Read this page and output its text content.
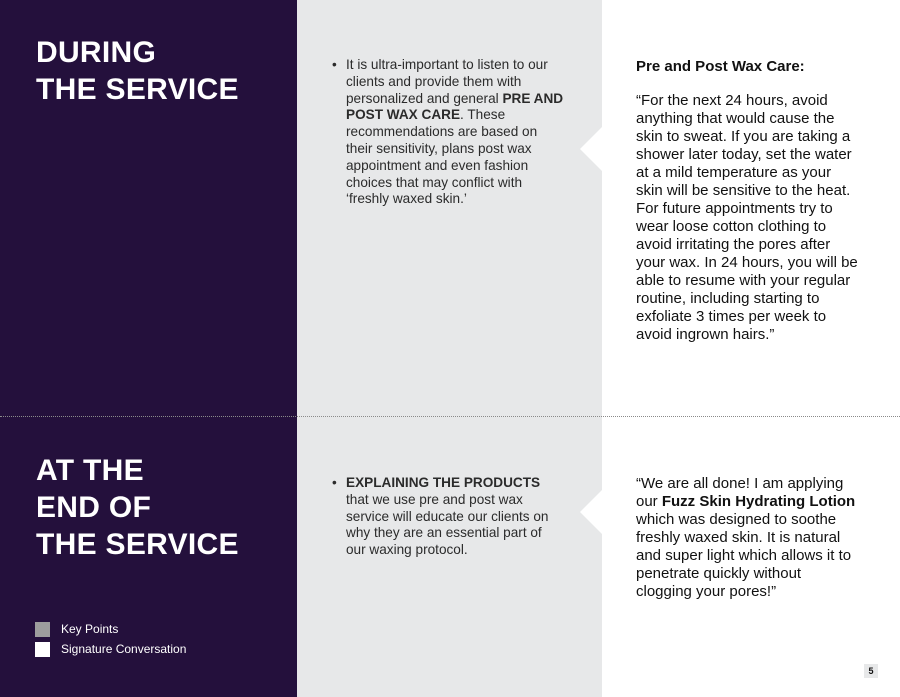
DURING
THE SERVICE
• It is ultra-important to listen to our clients and provide them with personalized and general PRE AND POST WAX CARE. These recommendations are based on their sensitivity, plans post wax appointment and even fashion choices that may conflict with ‘freshly waxed skin.’
Pre and Post Wax Care:
“For the next 24 hours, avoid anything that would cause the skin to sweat. If you are taking a shower later today, set the water at a mild temperature as your skin will be sensitive to the heat. For future appointments try to wear loose cotton clothing to avoid irritating the pores after your wax. In 24 hours, you will be able to resume with your regular routine, including starting to exfoliate 3 times per week to avoid ingrown hairs.”
AT THE
END OF
THE SERVICE
• EXPLAINING THE PRODUCTS that we use pre and post wax service will educate our clients on why they are an essential part of our waxing protocol.
“We are all done! I am applying our Fuzz Skin Hydrating Lotion which was designed to soothe freshly waxed skin. It is natural and super light which allows it to penetrate quickly without clogging your pores!”
Key Points
Signature Conversation
5
